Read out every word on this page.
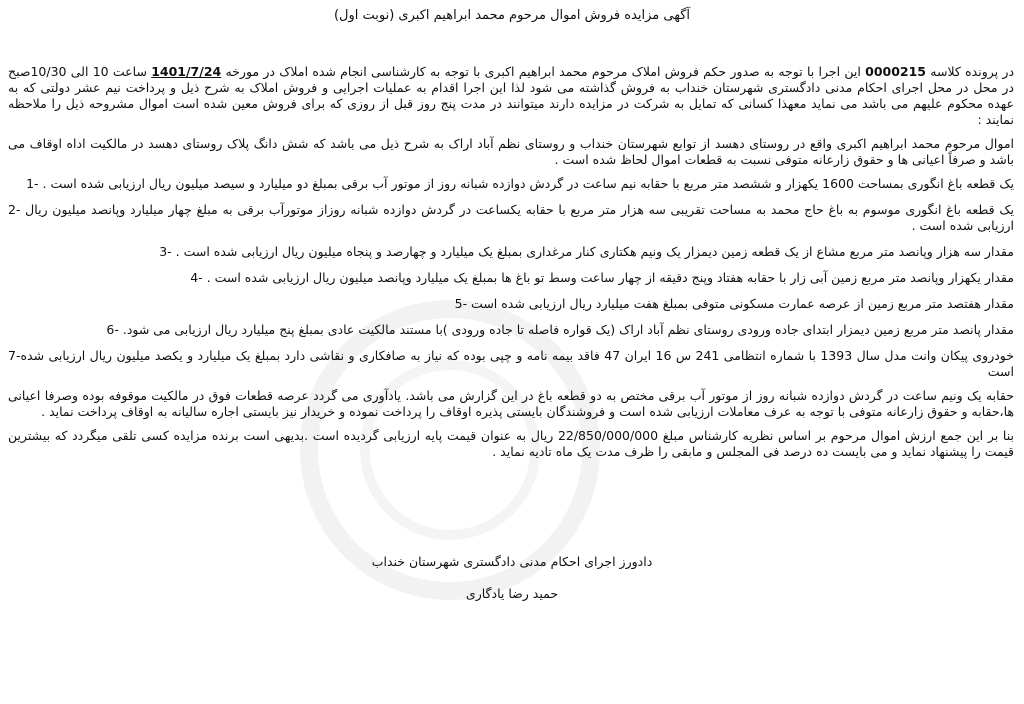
آگهی مزایده فروش اموال مرحوم محمد ابراهیم اکبری (نوبت اول)

در پرونده کلاسه 0000215 این اجرا با توجه به صدور حکم فروش املاک مرحوم محمد ابراهیم اکبری با توجه به کارشناسی انجام شده املاک در مورخه 1401/7/24 ساعت 10 الی 10/30صبح در محل در محل اجرای احکام مدنی دادگستری شهرستان خنداب به فروش گذاشته می شود لذا این اجرا اقدام به عملیات اجرایی و فروش املاک به شرح ذیل و پرداخت نیم عشر دولتی که به عهده محکوم علیهم می باشد می نماید معهذا کسانی که تمایل به شرکت در مزایده دارند میتوانند در مدت پنج روز قبل از روزی که برای فروش معین شده است اموال مشروحه ذیل را ملاحظه نمایند :

اموال مرحوم محمد ابراهیم اکبری واقع در روستای دهسد از توابع شهرستان خنداب و روستای نظم آباد اراک به شرح ذیل می باشد که شش دانگ پلاک روستای دهسد در مالکیت اداه اوقاف می باشد و صرفاً اعیانی ها و حقوق زارعانه متوفی نسبت به قطعات اموال لحاظ شده است .

یک قطعه باغ انگوری بمساحت 1600 یکهزار و ششصد متر مربع با حقابه نیم ساعت در گردش دوازده شبانه روز از موتور آب برقی بمبلغ دو میلیارد و سیصد میلیون ریال ارزیابی شده است . -1

یک قطعه باغ انگوری موسوم به باغ حاج محمد به مساحت تقریبی سه هزار متر مربع با حقابه یکساعت در گردش دوازده شبانه روزاز موتورآب برقی به مبلغ چهار میلیارد وپانصد میلیون ریال -2 ارزیابی شده است .

مقدار سه هزار وپانصد متر مربع مشاع از یک قطعه زمین دیمزار یک ونیم هکتاری کنار مرغداری بمبلغ یک میلیارد و چهارصد و پنجاه میلیون ریال ارزیابی شده است . -3

مقدار یکهزار وپانصد متر مربع زمین آبی زار با حقابه هفتاد وپنج دقیقه از چهار ساعت وسط تو باغ ها بمبلغ یک میلیارد وپانصد میلیون ریال ارزیابی شده است . -4

مقدار هفتصد متر مربع زمین از عرصه عمارت مسکونی متوفی بمبلغ هفت میلیارد ریال ارزیابی شده است -5

مقدار پانصد متر مربع زمین دیمزار ابتدای جاده ورودی روستای نظم آباد اراک (یک قواره فاصله تا جاده ورودی )با مستند مالکیت عادی بمبلغ پنج میلیارد ریال ارزیابی می شود. -6

خودروی پیکان وانت مدل سال 1393 با شماره انتظامی 241 س 16 ایران 47 فاقد بیمه نامه و چپی بوده که نیاز به صافکاری و نقاشی دارد بمبلغ یک میلیارد و یکصد میلیون ریال ارزیابی شده-7 است

حقابه یک ونیم ساعت در گردش دوازده شبانه روز از موتور آب برقی مختص به دو قطعه باغ در این گزارش می باشد. یادآوری می گردد عرصه قطعات فوق در مالکیت موقوفه بوده وصرفا اعیانی ها،حقابه و حقوق زارعانه متوفی با توجه به عرف معاملات ارزیابی شده است و فروشندگان بایستی پذیره اوقاف را پرداخت نموده و خریدار نیز بایستی اجاره سالیانه به اوقاف پرداخت نماید .

بنا بر این جمع ارزش اموال مرحوم بر اساس نظریه کارشناس مبلغ 22/850/000/000 ریال به عنوان قیمت پایه ارزیابی گردیده است .بدیهی است برنده مزایده کسی تلقی میگردد که بیشترین قیمت را پیشنهاد نماید و می بایست ده درصد فی المجلس و مابقی را ظرف مدت یک ماه تادیه نماید .

دادورز اجرای احکام مدنی دادگستری شهرستان خنداب
حمید رضا یادگاری
